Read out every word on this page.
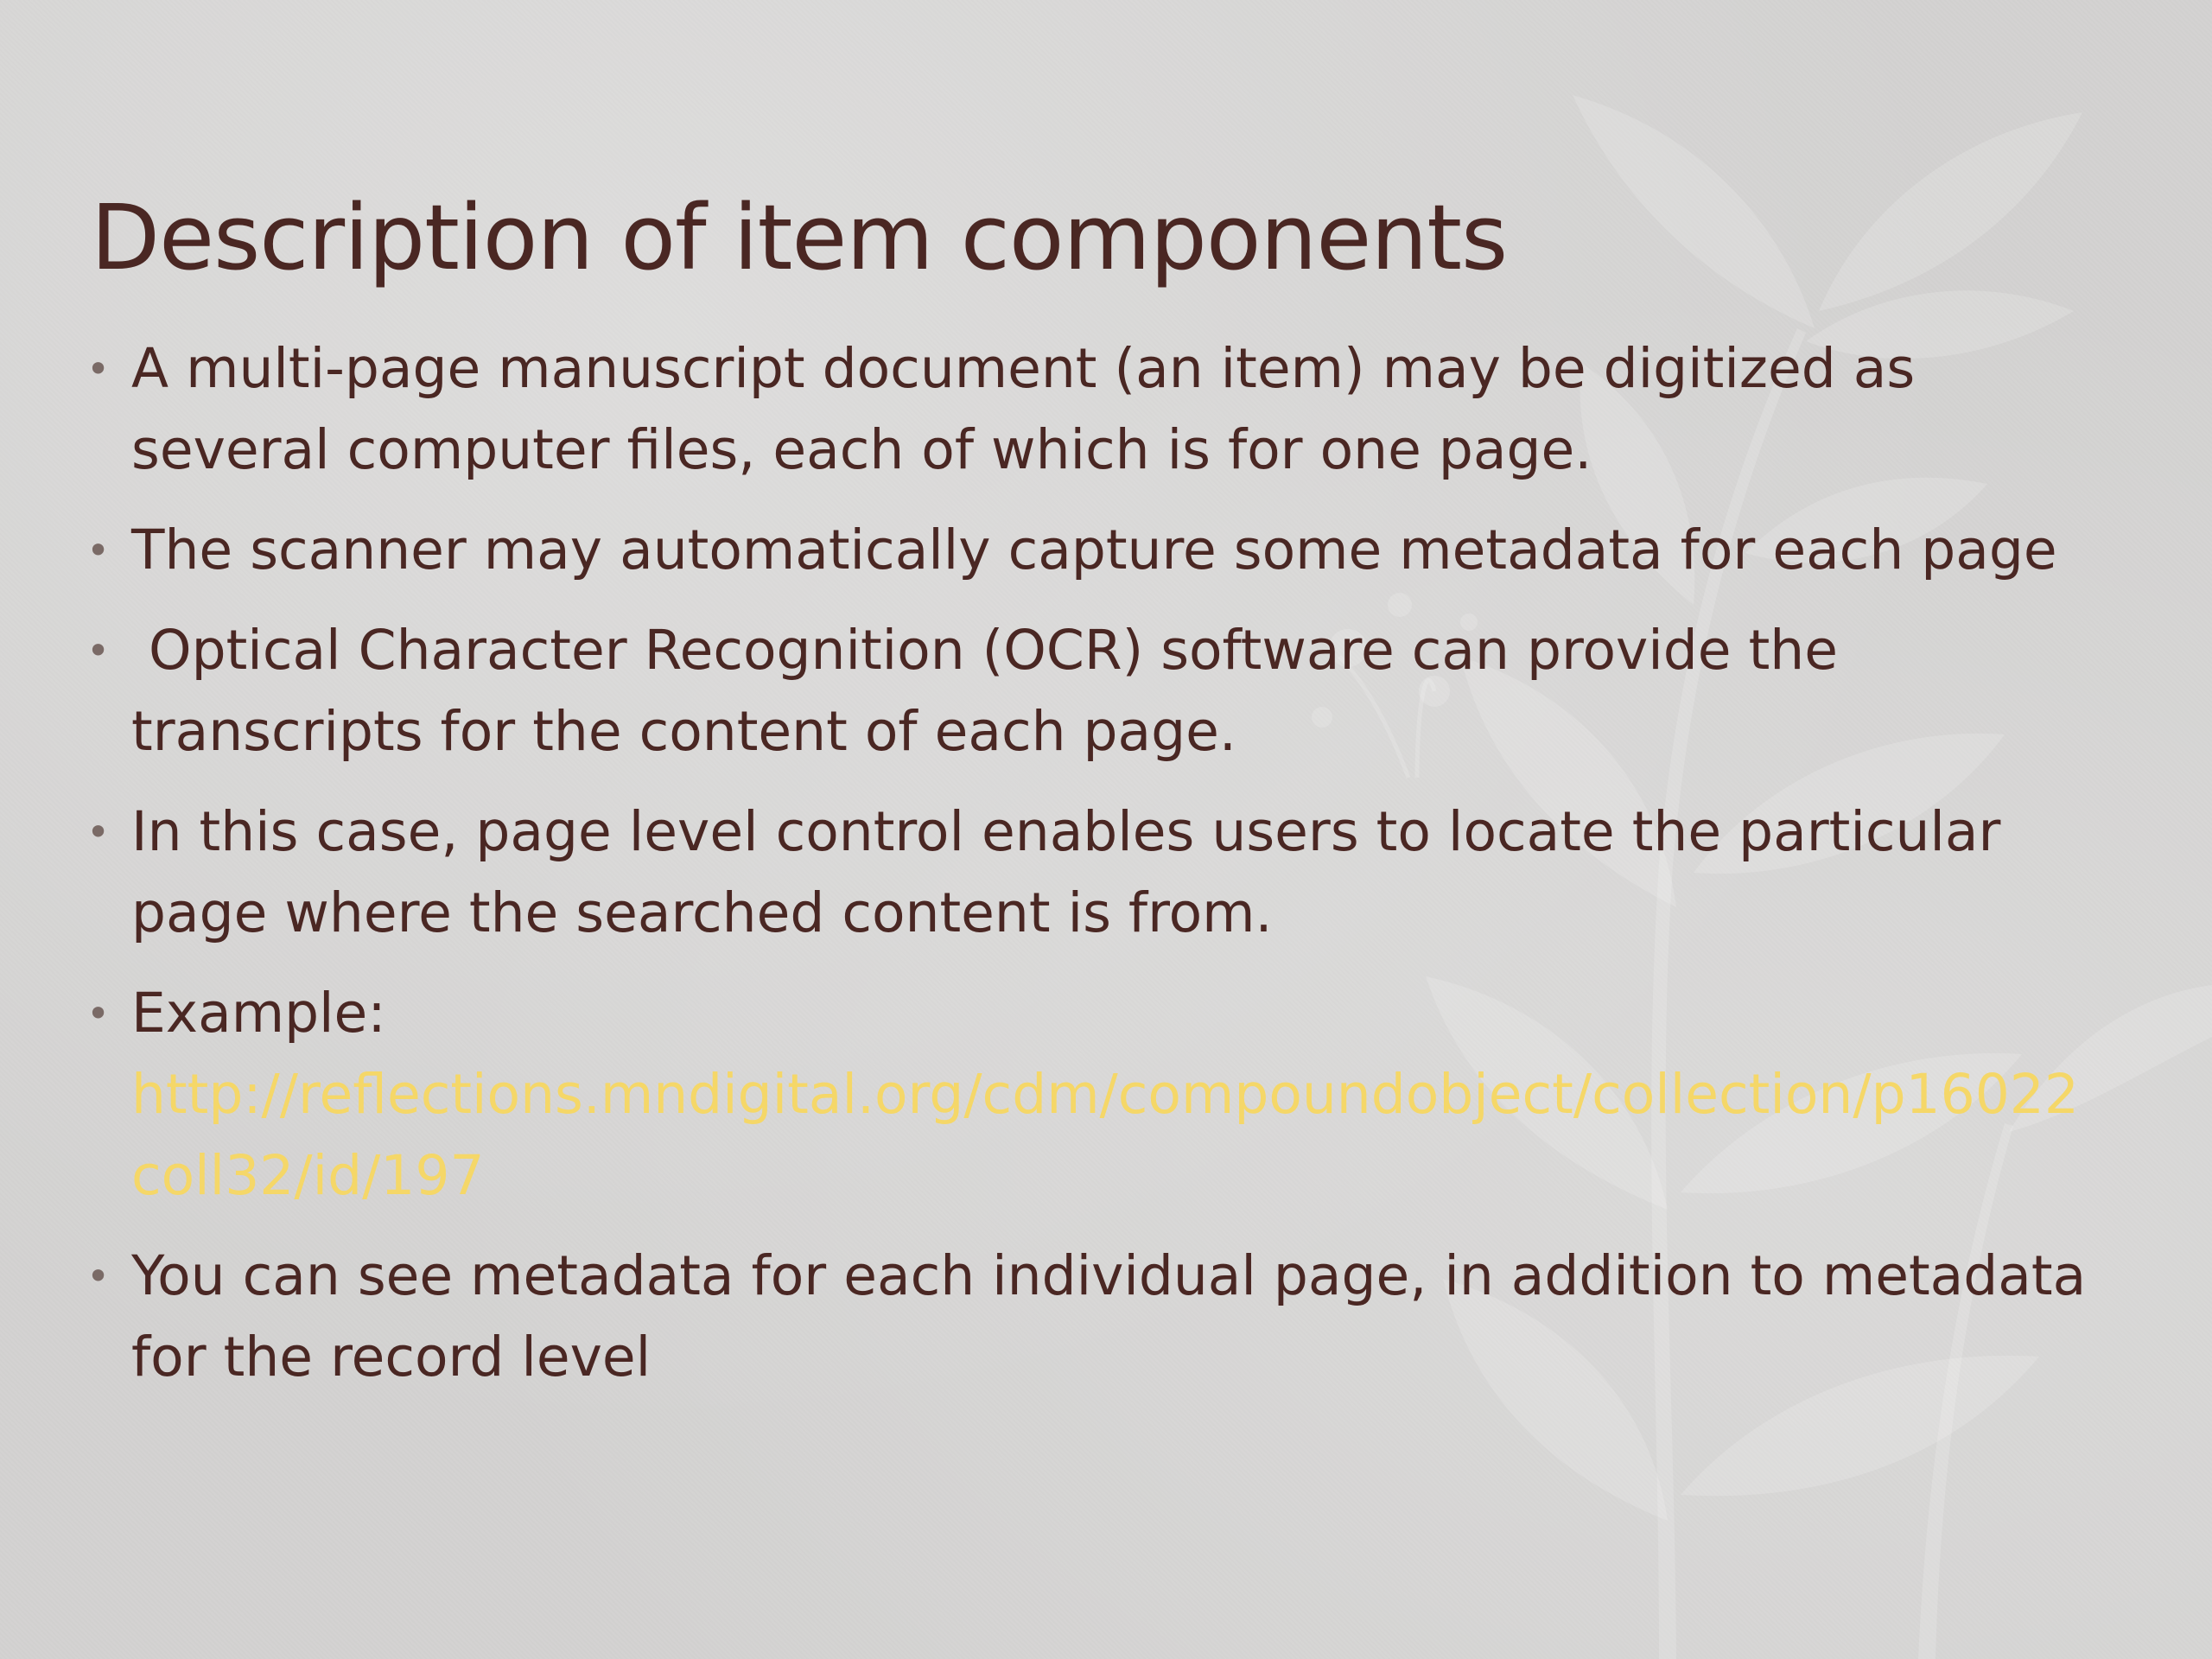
Description of item components
• A multi-page manuscript document (an item) may be digitized as several computer files, each of which is for one page.
• The scanner may automatically capture some metadata for each page
• Optical Character Recognition (OCR) software can provide the transcripts for the content of each page.
• In this case, page level control enables users to locate the particular page where the searched content is from.
• Example:
http://reflections.mndigital.org/cdm/compoundobject/collection/p16022coll32/id/197
• You can see metadata for each individual page, in addition to metadata for the record level
